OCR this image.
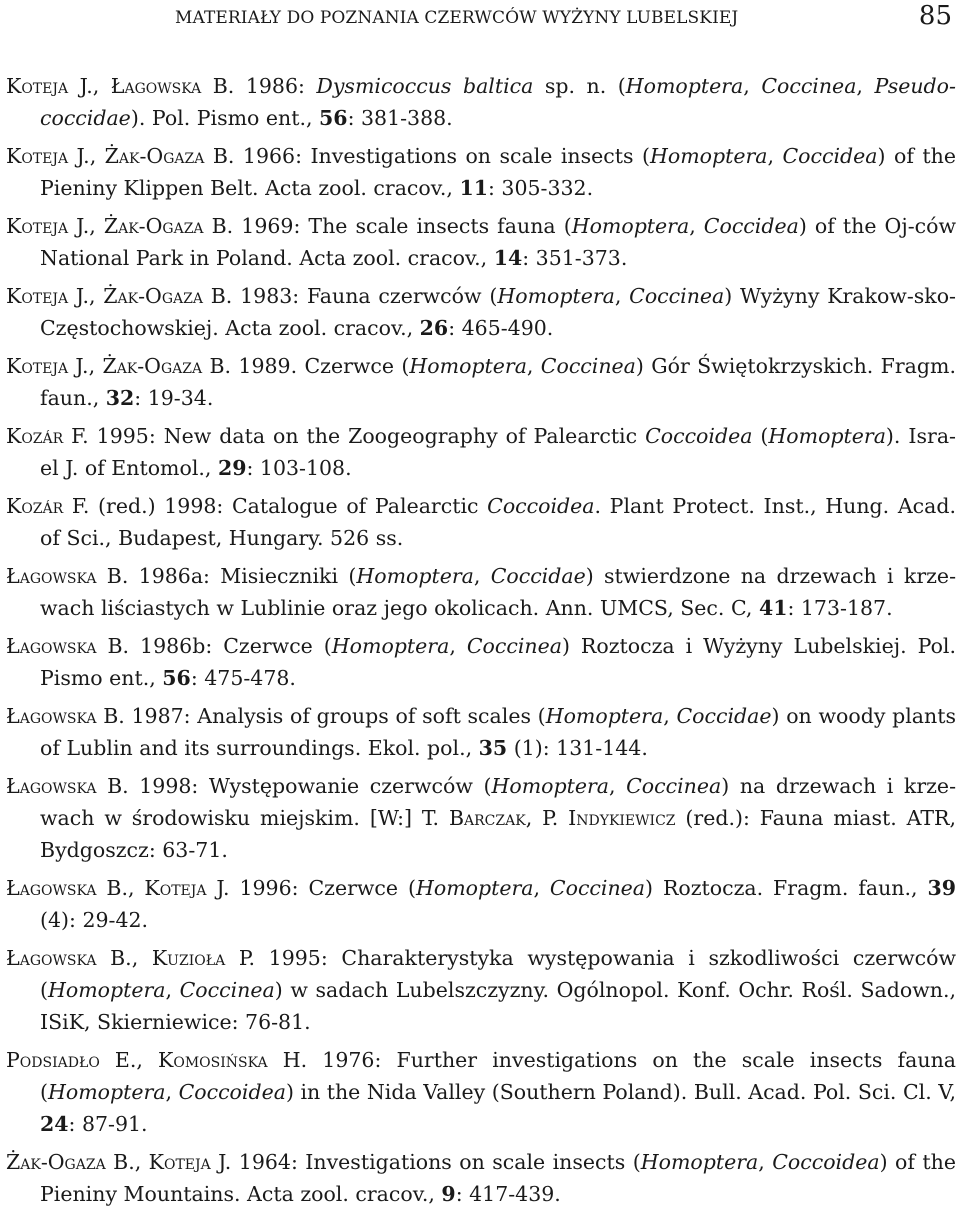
MATERIAŁY DO POZNANIA CZERWCÓW WYŻYNY LUBELSKIEJ	85

Koteja J., Łagowska B. 1986: Dysmicoccus baltica sp. n. (Homoptera, Coccinea, Pseudo-coccidae). Pol. Pismo ent., 56: 381-388.

Koteja J., Żak-Ogaza B. 1966: Investigations on scale insects (Homoptera, Coccidea) of the Pieniny Klippen Belt. Acta zool. cracov., 11: 305-332.

Koteja J., Żak-Ogaza B. 1969: The scale insects fauna (Homoptera, Coccidea) of the Oj-ców National Park in Poland. Acta zool. cracov., 14: 351-373.

Koteja J., Żak-Ogaza B. 1983: Fauna czerwców (Homoptera, Coccinea) Wyżyny Krakow-sko-Częstochowskiej. Acta zool. cracov., 26: 465-490.

Koteja J., Żak-Ogaza B. 1989. Czerwce (Homoptera, Coccinea) Gór Świętokrzyskich. Fragm. faun., 32: 19-34.

Kozár F. 1995: New data on the Zoogeography of Palearctic Coccoidea (Homoptera). Isra-el J. of Entomol., 29: 103-108.

Kozár F. (red.) 1998: Catalogue of Palearctic Coccoidea. Plant Protect. Inst., Hung. Acad. of Sci., Budapest, Hungary. 526 ss.

Łagowska B. 1986a: Misieczniki (Homoptera, Coccidae) stwierdzone na drzewach i krze-wach liściastych w Lublinie oraz jego okolicach. Ann. UMCS, Sec. C, 41: 173-187.

Łagowska B. 1986b: Czerwce (Homoptera, Coccinea) Roztocza i Wyżyny Lubelskiej. Pol. Pismo ent., 56: 475-478.

Łagowska B. 1987: Analysis of groups of soft scales (Homoptera, Coccidae) on woody plants of Lublin and its surroundings. Ekol. pol., 35 (1): 131-144.

Łagowska B. 1998: Występowanie czerwców (Homoptera, Coccinea) na drzewach i krze-wach w środowisku miejskim. [W:] T. Barczak, P. Indykiewicz (red.): Fauna miast. ATR, Bydgoszcz: 63-71.

Łagowska B., Koteja J. 1996: Czerwce (Homoptera, Coccinea) Roztocza. Fragm. faun., 39 (4): 29-42.

Łagowska B., Kuzioła P. 1995: Charakterystyka występowania i szkodliwości czerwców (Homoptera, Coccinea) w sadach Lubelszczyzny. Ogólnopol. Konf. Ochr. Rośl. Sadown., ISiK, Skierniewice: 76-81.

Podsiadło E., Komosińska H. 1976: Further investigations on the scale insects fauna (Homoptera, Coccoidea) in the Nida Valley (Southern Poland). Bull. Acad. Pol. Sci. Cl. V, 24: 87-91.

Żak-Ogaza B., Koteja J. 1964: Investigations on scale insects (Homoptera, Coccoidea) of the Pieniny Mountains. Acta zool. cracov., 9: 417-439.
